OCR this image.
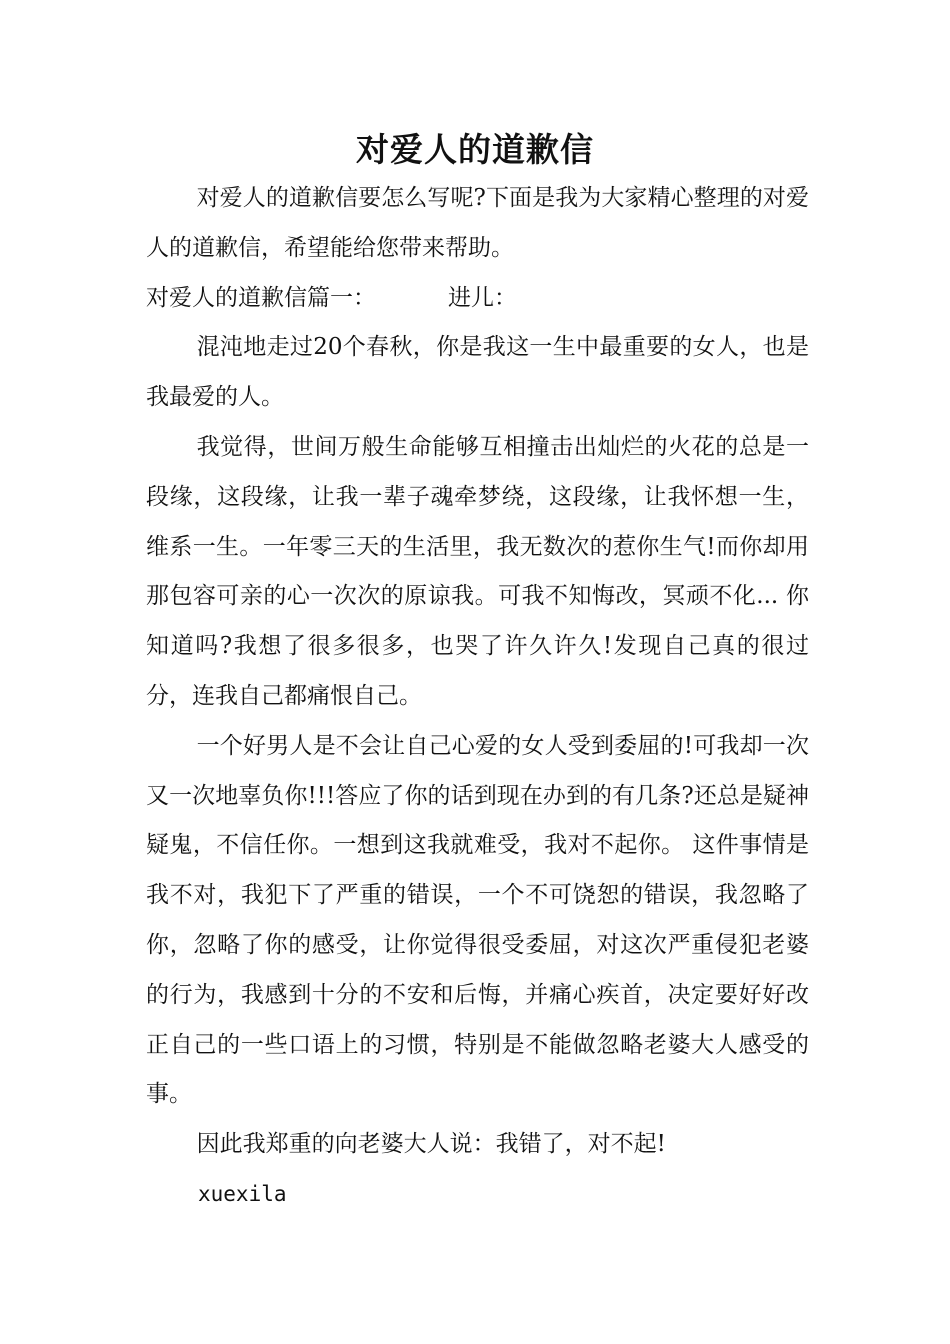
对爱人的道歉信

对爱人的道歉信要怎么写呢?下面是我为大家精心整理的对爱人的道歉信，希望能给您带来帮助。

对爱人的道歉信篇一：	进儿：

混沌地走过20个春秋，你是我这一生中最重要的女人，也是我最爱的人。

我觉得，世间万般生命能够互相撞击出灿烂的火花的总是一段缘，这段缘，让我一辈子魂牵梦绕，这段缘，让我怀想一生，维系一生。一年零三天的生活里，我无数次的惹你生气!而你却用那包容可亲的心一次次的原谅我。可我不知悔改，冥顽不化... 你知道吗?我想了很多很多，也哭了许久许久!发现自己真的很过分，连我自己都痛恨自己。

一个好男人是不会让自己心爱的女人受到委屈的!可我却一次又一次地辜负你!!!答应了你的话到现在办到的有几条?还总是疑神疑鬼，不信任你。一想到这我就难受，我对不起你。 这件事情是我不对，我犯下了严重的错误，一个不可饶恕的错误，我忽略了你，忽略了你的感受，让你觉得很受委屈，对这次严重侵犯老婆的行为，我感到十分的不安和后悔，并痛心疾首，决定要好好改正自己的一些口语上的习惯，特别是不能做忽略老婆大人感受的事。

因此我郑重的向老婆大人说：我错了，对不起!

xuexila
